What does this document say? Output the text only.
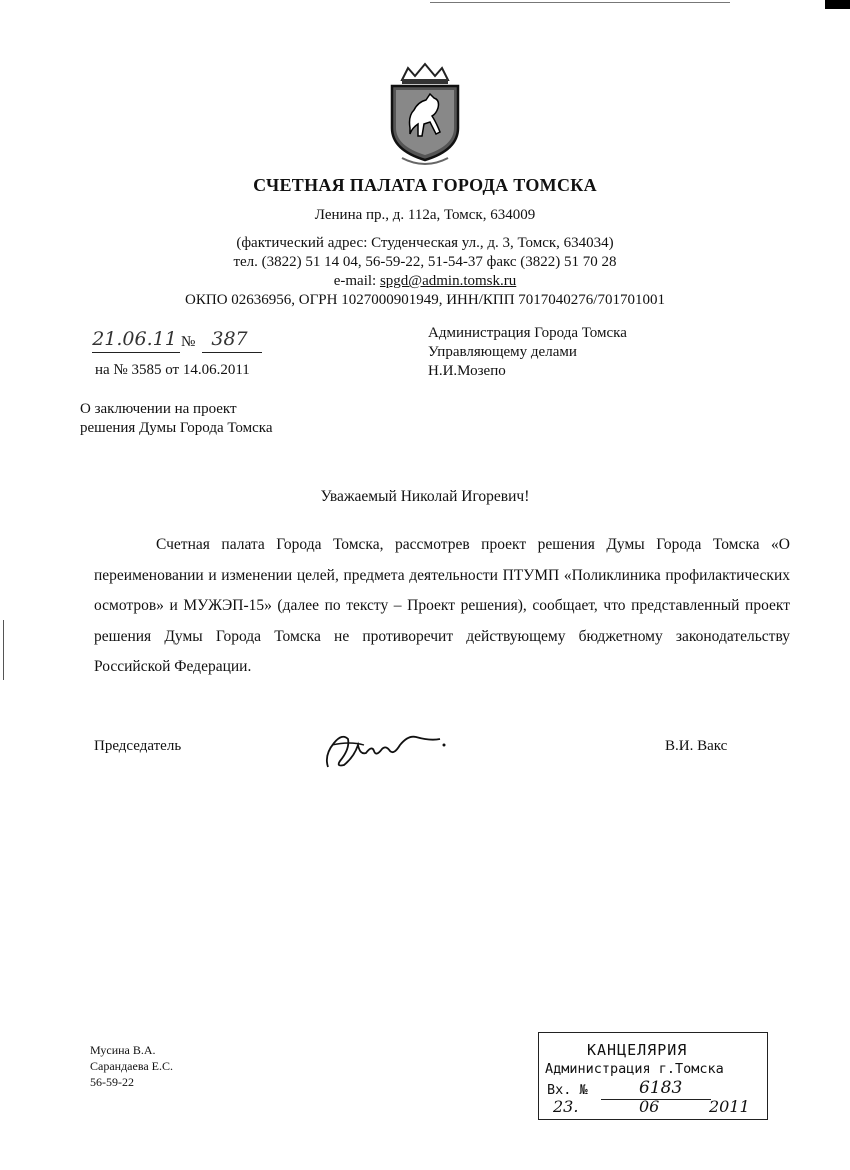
СЧЕТНАЯ ПАЛАТА ГОРОДА ТОМСКА
Ленина пр., д. 112а, Томск, 634009
(фактический адрес: Студенческая ул., д. 3, Томск, 634034)
тел. (3822) 51 14 04, 56-59-22, 51-54-37 факс (3822) 51 70 28
e-mail: spgd@admin.tomsk.ru
ОКПО 02636956, ОГРН 1027000901949, ИНН/КПП 7017040276/701701001
21.06.11 № 387
на № 3585 от 14.06.2011
Администрация Города Томска
Управляющему делами
Н.И.Мозепо
О заключении на проект
решения Думы Города Томска
Уважаемый Николай Игоревич!
Счетная палата Города Томска, рассмотрев проект решения Думы Города Томска «О переименовании и изменении целей, предмета деятельности ПТУМП «Поликлиника профилактических осмотров» и МУЖЭП-15» (далее по тексту – Проект решения), сообщает, что представленный проект решения Думы Города Томска не противоречит действующему бюджетному законодательству Российской Федерации.
Председатель	В.И. Вакс
Мусина В.А.
Сарандаева Е.С.
56-59-22
КАНЦЕЛЯРИЯ
Администрация г.Томска
Вх. №	6183
23.	06	2011
